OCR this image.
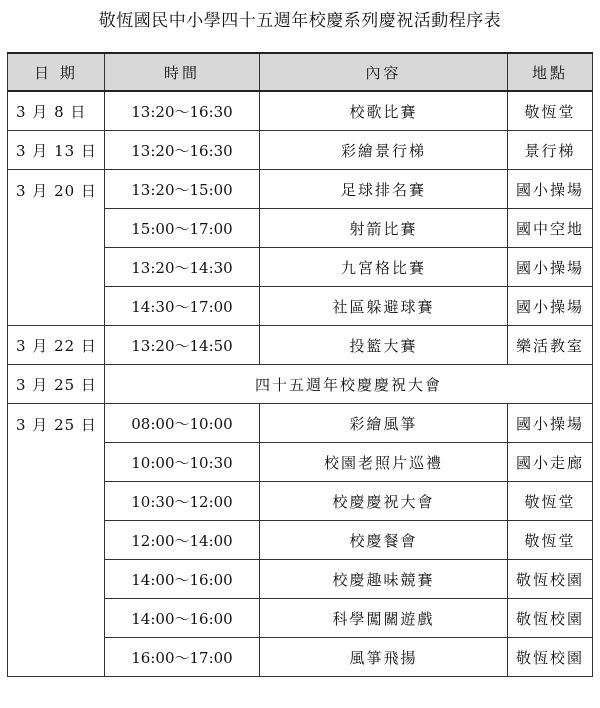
敬恆國民中小學四十五週年校慶系列慶祝活動程序表
日 期	時間	內容	地點
3 月 8 日	13:20～16:30	校歌比賽	敬恆堂
3 月 13 日	13:20～16:30	彩繪景行梯	景行梯
3 月 20 日	13:20～15:00	足球排名賽	國小操場
	15:00～17:00	射箭比賽	國中空地
	13:20～14:30	九宮格比賽	國小操場
	14:30～17:00	社區躲避球賽	國小操場
3 月 22 日	13:20～14:50	投籃大賽	樂活教室
3 月 25 日	四十五週年校慶慶祝大會		
3 月 25 日	08:00～10:00	彩繪風箏	國小操場
	10:00～10:30	校園老照片巡禮	國小走廊
	10:30～12:00	校慶慶祝大會	敬恆堂
	12:00～14:00	校慶餐會	敬恆堂
	14:00～16:00	校慶趣味競賽	敬恆校園
	14:00～16:00	科學闖關遊戲	敬恆校園
	16:00～17:00	風箏飛揚	敬恆校園
